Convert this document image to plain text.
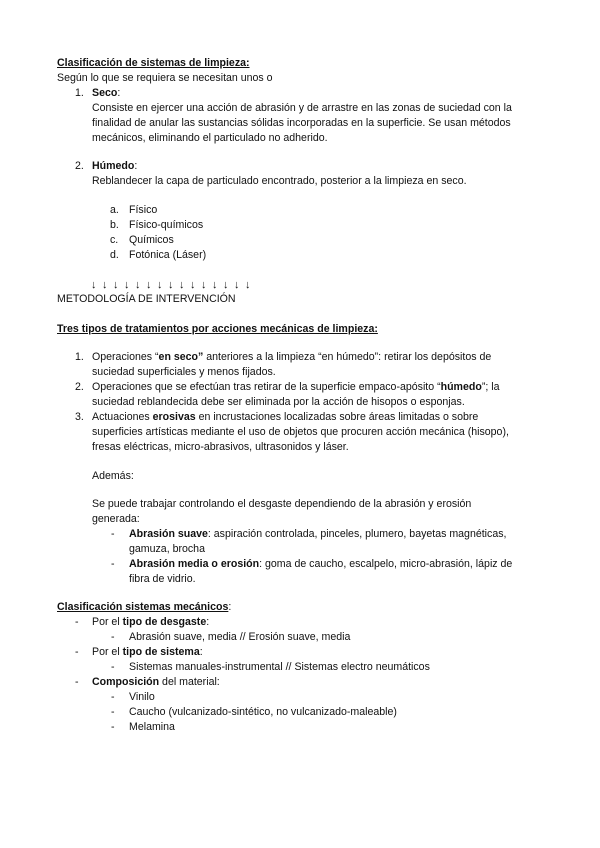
Clasificación de sistemas de limpieza:
Según lo que se requiera se necesitan unos o
1. Seco:
Consiste en ejercer una acción de abrasión y de arrastre en las zonas de suciedad con la
finalidad de anular las sustancias sólidas incorporadas en la superficie. Se usan métodos
mecánicos, eliminando el particulado no adherido.
2. Húmedo:
Reblandecer la capa de particulado encontrado, posterior a la limpieza en seco.
a. Físico
b. Físico-químicos
c. Químicos
d. Fotónica (Láser)
↓↓↓↓↓↓↓↓↓↓↓↓↓↓↓
METODOLOGÍA DE INTERVENCIÓN
Tres tipos de tratamientos por acciones mecánicas de limpieza:
1. Operaciones “en seco” anteriores a la limpieza “en húmedo”: retirar los depósitos de
suciedad superficiales y menos fijados.
2. Operaciones que se efectúan tras retirar de la superficie empaco-apósito “húmedo”; la
suciedad reblandecida debe ser eliminada por la acción de hisopos o esponjas.
3. Actuaciones erosivas en incrustaciones localizadas sobre áreas limitadas o sobre
superficies artísticas mediante el uso de objetos que procuren acción mecánica (hisopo),
fresas eléctricas, micro-abrasivos, ultrasonidos y láser.
Además:
Se puede trabajar controlando el desgaste dependiendo de la abrasión y erosión
generada:
- Abrasión suave: aspiración controlada, pinceles, plumero, bayetas magnéticas,
gamuza, brocha
- Abrasión media o erosión: goma de caucho, escalpelo, micro-abrasión, lápiz de
fibra de vidrio.
Clasificación sistemas mecánicos:
- Por el tipo de desgaste:
- Abrasión suave, media // Erosión suave, media
- Por el tipo de sistema:
- Sistemas manuales-instrumental // Sistemas electro neumáticos
- Composición del material:
- Vinilo
- Caucho (vulcanizado-sintético, no vulcanizado-maleable)
- Melamina
